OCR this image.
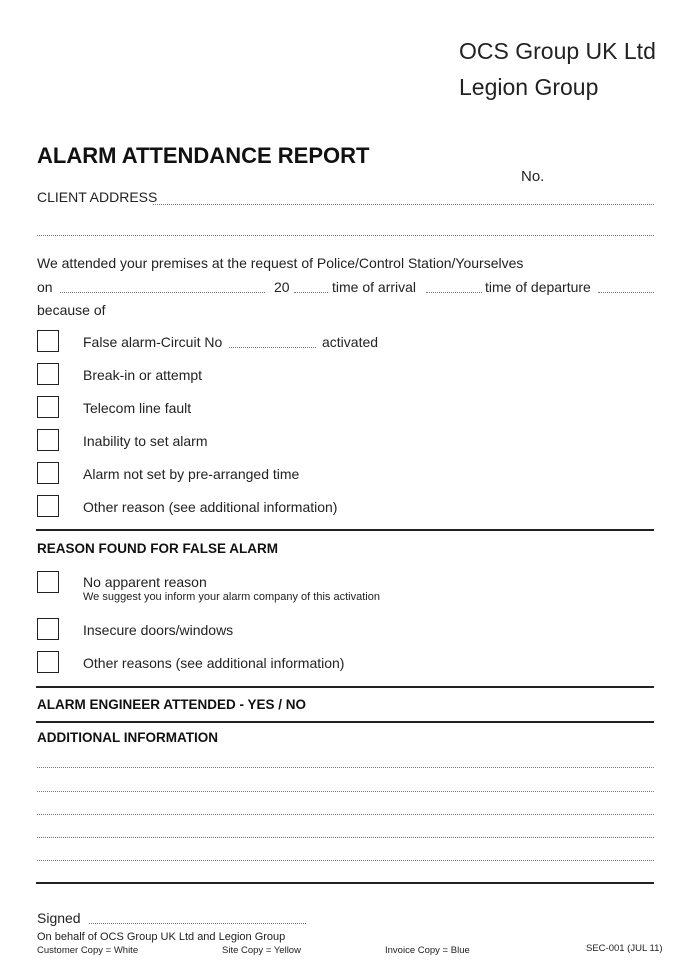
OCS Group UK Ltd
Legion Group
ALARM ATTENDANCE REPORT
No.
CLIENT ADDRESS
We attended your premises at the request of Police/Control Station/Yourselves
on	20	time of arrival	time of departure
because of
False alarm-Circuit No	activated
Break-in or attempt
Telecom line fault
Inability to set alarm
Alarm not set by pre-arranged time
Other reason (see additional information)
REASON FOUND FOR FALSE ALARM
No apparent reason
We suggest you inform your alarm company of this activation
Insecure doors/windows
Other reasons (see additional information)
ALARM ENGINEER ATTENDED - YES / NO
ADDITIONAL INFORMATION
Signed
On behalf of OCS Group UK Ltd and Legion Group
Customer Copy = White	Site Copy = Yellow	Invoice Copy = Blue	SEC-001 (JUL 11)
